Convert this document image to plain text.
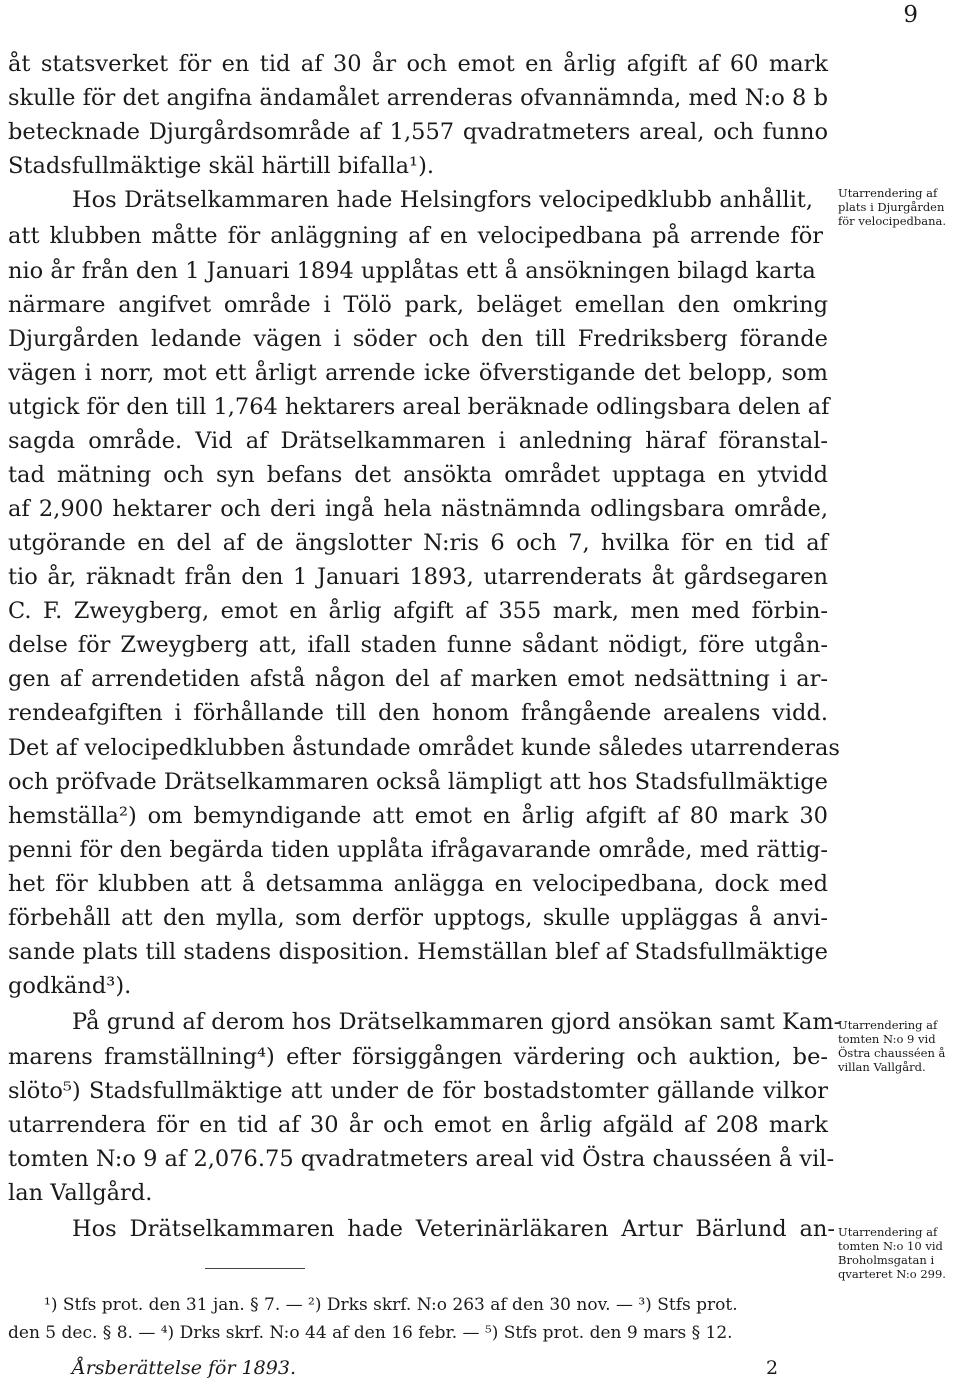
9
åt statsverket för en tid af 30 år och emot en årlig afgift af 60 mark
skulle för det angifna ändamålet arrenderas ofvannämnda, med N:o 8 b
betecknade Djurgårdsområde af 1,557 qvadratmeters areal, och funno
Stadsfullmäktige skäl härtill bifalla¹).
Hos Drätselkammaren hade Helsingfors velocipedklubb anhållit,
att klubben måtte för anläggning af en velocipedbana på arrende för
nio år från den 1 Januari 1894 upplåtas ett å ansökningen bilagd karta
närmare angifvet område i Tölö park, beläget emellan den omkring
Djurgården ledande vägen i söder och den till Fredriksberg förande
vägen i norr, mot ett årligt arrende icke öfverstigande det belopp, som
utgick för den till 1,764 hektarers areal beräknade odlingsbara delen af
sagda område. Vid af Drätselkammaren i anledning häraf föranstal-
tad mätning och syn befans det ansökta området upptaga en ytvidd
af 2,900 hektarer och deri ingå hela nästnämnda odlingsbara område,
utgörande en del af de ängslotter N:ris 6 och 7, hvilka för en tid af
tio år, räknadt från den 1 Januari 1893, utarrenderats åt gårdsegaren
C. F. Zweygberg, emot en årlig afgift af 355 mark, men med förbin-
delse för Zweygberg att, ifall staden funne sådant nödigt, före utgån-
gen af arrendetiden afstå någon del af marken emot nedsättning i ar-
rendeafgiften i förhållande till den honom frångående arealens vidd.
Det af velocipedklubben åstundade området kunde således utarrenderas
och pröfvade Drätselkammaren också lämpligt att hos Stadsfullmäktige
hemställa²) om bemyndigande att emot en årlig afgift af 80 mark 30
penni för den begärda tiden upplåta ifrågavarande område, med rättig-
het för klubben att å detsamma anlägga en velocipedbana, dock med
förbehåll att den mylla, som derför upptogs, skulle uppläggas å anvi-
sande plats till stadens disposition. Hemställan blef af Stadsfullmäktige
godkänd³).
På grund af derom hos Drätselkammaren gjord ansökan samt Kam-
marens framställning⁴) efter försiggången värdering och auktion, be-
slöto⁵) Stadsfullmäktige att under de för bostadstomter gällande vilkor
utarrendera för en tid af 30 år och emot en årlig afgäld af 208 mark
tomten N:o 9 af 2,076.75 qvadratmeters areal vid Östra chausséen å vil-
lan Vallgård.
Hos Drätselkammaren hade Veterinärläkaren Artur Bärlund an-
Utarrendering af plats i Djurgården för velocipedbana.
Utarrendering af tomten N:o 9 vid Östra chausséen å villan Vallgård.
Utarrendering af tomten N:o 10 vid Broholmsgatan i qvarteret N:o 299.
¹) Stfs prot. den 31 jan. § 7. — ²) Drks skrf. N:o 263 af den 30 nov. — ³) Stfs prot.
den 5 dec. § 8. — ⁴) Drks skrf. N:o 44 af den 16 febr. — ⁵) Stfs prot. den 9 mars § 12.
Årsberättelse för 1893.	2
